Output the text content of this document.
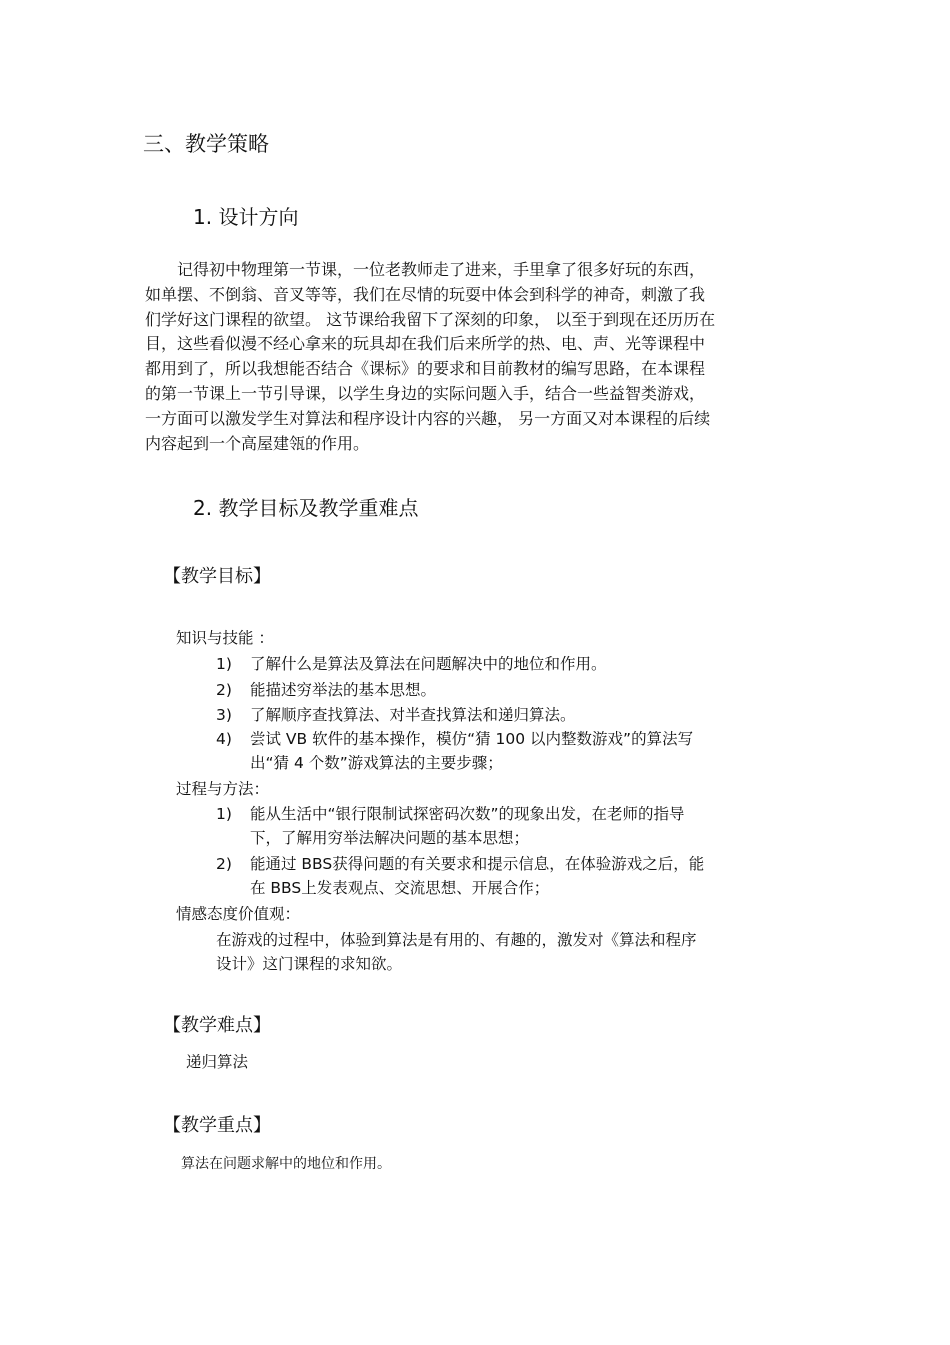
三、教学策略
1. 设计方向
　　记得初中物理第一节课，一位老教师走了进来，手里拿了很多好玩的东西，
如单摆、不倒翁、音叉等等，我们在尽情的玩耍中体会到科学的神奇，刺激了我
们学好这门课程的欲望。 这节课给我留下了深刻的印象， 以至于到现在还历历在
目，这些看似漫不经心拿来的玩具却在我们后来所学的热、电、声、光等课程中
都用到了，所以我想能否结合《课标》的要求和目前教材的编写思路，在本课程
的第一节课上一节引导课，以学生身边的实际问题入手，结合一些益智类游戏，
一方面可以激发学生对算法和程序设计内容的兴趣， 另一方面又对本课程的后续
内容起到一个高屋建瓴的作用。
2. 教学目标及教学重难点
【教学目标】
知识与技能 ：
1) 了解什么是算法及算法在问题解决中的地位和作用。
2) 能描述穷举法的基本思想。
3) 了解顺序查找算法、对半查找算法和递归算法。
4) 尝试 VB 软件的基本操作，模仿“猜 100 以内整数游戏”的算法写
出“猜 4 个数”游戏算法的主要步骤；
过程与方法：
1) 能从生活中“银行限制试探密码次数”的现象出发，在老师的指导
下，了解用穷举法解决问题的基本思想；
2) 能通过 BBS获得问题的有关要求和提示信息，在体验游戏之后，能
在 BBS上发表观点、交流思想、开展合作；
情感态度价值观：
在游戏的过程中，体验到算法是有用的、有趣的，激发对《算法和程序
设计》这门课程的求知欲。
【教学难点】
递归算法
【教学重点】
算法在问题求解中的地位和作用。
